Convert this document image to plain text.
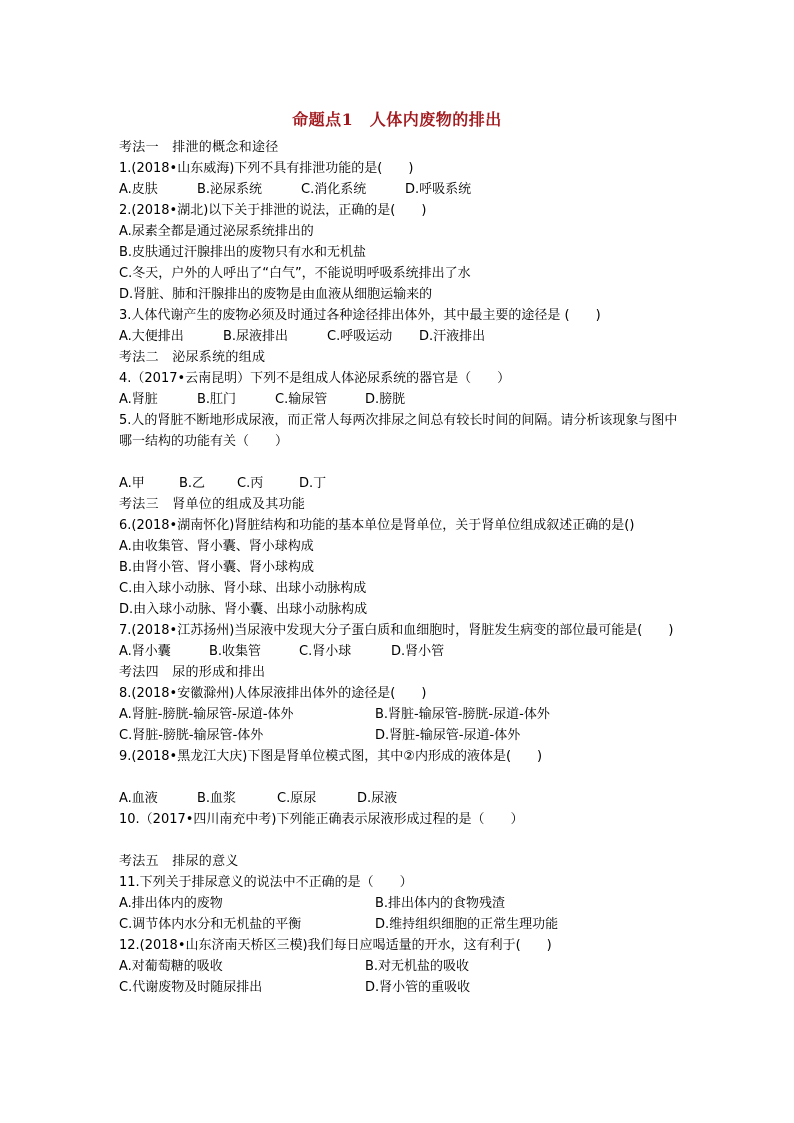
命题点1　人体内废物的排出
考法一　排泄的概念和途径
1.(2018•山东威海)下列不具有排泄功能的是(　　)
A.皮肤	B.泌尿系统	C.消化系统	D.呼吸系统
2.(2018•湖北)以下关于排泄的说法，正确的是(　　)
A.尿素全都是通过泌尿系统排出的
B.皮肤通过汗腺排出的废物只有水和无机盐
C.冬天，户外的人呼出了“白气”，不能说明呼吸系统排出了水
D.肾脏、肺和汗腺排出的废物是由血液从细胞运输来的
3.人体代谢产生的废物必须及时通过各种途径排出体外，其中最主要的途径是 (　　)
A.大便排出	B.尿液排出	C.呼吸运动	D.汗液排出
考法二　泌尿系统的组成
4.（2017•云南昆明）下列不是组成人体泌尿系统的器官是（　　）
A.肾脏	B.肛门	C.输尿管	D.膀胱
5.人的肾脏不断地形成尿液，而正常人每两次排尿之间总有较长时间的间隔。请分析该现象与图中哪一结构的功能有关（　　）
A.甲	B.乙	C.丙	D.丁
考法三　肾单位的组成及其功能
6.(2018•湖南怀化)肾脏结构和功能的基本单位是肾单位，关于肾单位组成叙述正确的是()
A.由收集管、肾小囊、肾小球构成
B.由肾小管、肾小囊、肾小球构成
C.由入球小动脉、肾小球、出球小动脉构成
D.由入球小动脉、肾小囊、出球小动脉构成
7.(2018•江苏扬州)当尿液中发现大分子蛋白质和血细胞时，肾脏发生病变的部位最可能是(　　)
A.肾小囊	B.收集管	C.肾小球	D.肾小管
考法四　尿的形成和排出
8.(2018•安徽滁州)人体尿液排出体外的途径是(　　)
A.肾脏-膀胱-输尿管-尿道-体外	B.肾脏-输尿管-膀胱-尿道-体外
C.肾脏-膀胱-输尿管-体外	D.肾脏-输尿管-尿道-体外
9.(2018•黑龙江大庆)下图是肾单位模式图，其中②内形成的液体是(　　)
A.血液	B.血浆	C.原尿	D.尿液
10.（2017•四川南充中考)下列能正确表示尿液形成过程的是（　　）
考法五　排尿的意义
11.下列关于排尿意义的说法中不正确的是（　　）
A.排出体内的废物	B.排出体内的食物残渣
C.调节体内水分和无机盐的平衡	D.维持组织细胞的正常生理功能
12.(2018•山东济南天桥区三模)我们每日应喝适量的开水，这有利于(　　)
A.对葡萄糖的吸收	B.对无机盐的吸收
C.代谢废物及时随尿排出	D.肾小管的重吸收
